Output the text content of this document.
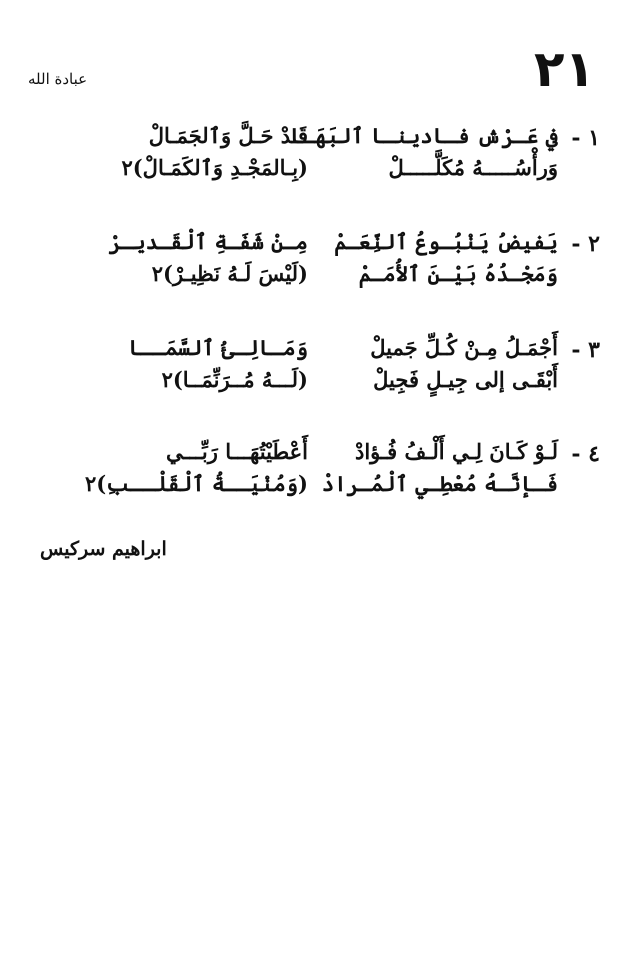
٢١
عبادة الله
١ -
في عَـرْش فـادينـا ٱلبَهَـا
قَـدْ حَـلَّ وَٱلجَمَـالْ
وَرأْسُـــــهُ مُكَلَّـــــلْ
(بِـالمَجْـدِ وَٱلكَمَـالْ)٢
٢ -
يَفيضُ يَنْبُـوعُ ٱلنِّعَـمْ
مِـنْ شَفَـةِ ٱلْقَـديـرْ
وَمَجْـدُهُ بَيْـنَ ٱلأُمَـمْ
(لَيْسَ لَـهُ نَظِيـرْ)٢
٣ -
أَجْمَـلُ مِـنْ كُـلِّ جَميلْ
وَمَـالِـئُ ٱلسَّمَــا
أَبْقَـى إلى جِيـلٍ فَجِيلْ
(لَـــهُ مُــرَنِّمَــا)٢
٤ -
لَـوْ كَـانَ لِـي أَلْـفُ فُـؤادْ
أَعْطَيْتُهَـــا رَبِّـــي
فَـإنَّـهُ مُعْطِـي ٱلْمُـرادْ
(وَمُنْيَــةُ ٱلْقَلْــبِ)٢
ابراهيم سركيس
